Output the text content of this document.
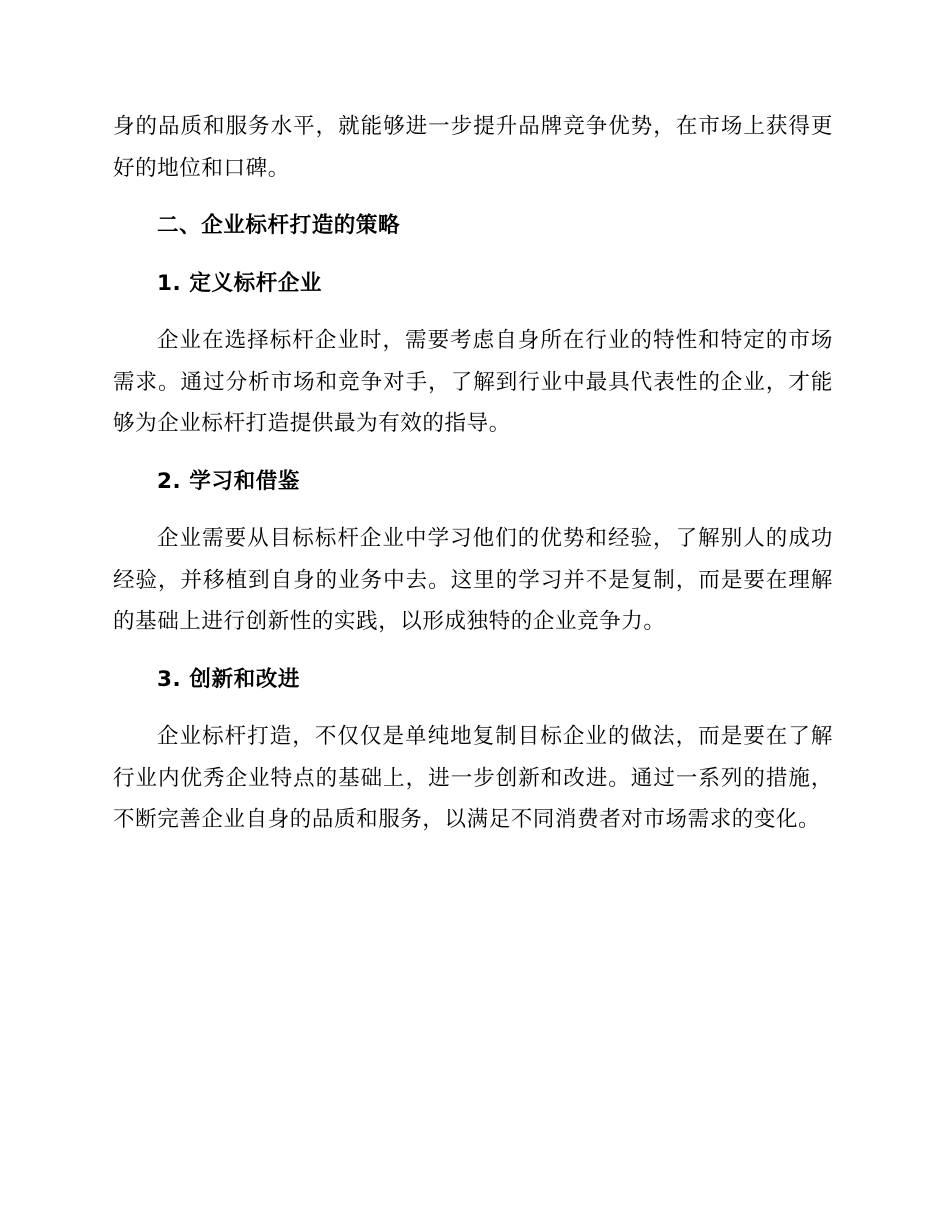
身的品质和服务水平，就能够进一步提升品牌竞争优势，在市场上获得更好的地位和口碑。

二、企业标杆打造的策略

1. 定义标杆企业

企业在选择标杆企业时，需要考虑自身所在行业的特性和特定的市场需求。通过分析市场和竞争对手，了解到行业中最具代表性的企业，才能够为企业标杆打造提供最为有效的指导。

2. 学习和借鉴

企业需要从目标标杆企业中学习他们的优势和经验，了解别人的成功经验，并移植到自身的业务中去。这里的学习并不是复制，而是要在理解的基础上进行创新性的实践，以形成独特的企业竞争力。

3. 创新和改进

企业标杆打造，不仅仅是单纯地复制目标企业的做法，而是要在了解行业内优秀企业特点的基础上，进一步创新和改进。通过一系列的措施，不断完善企业自身的品质和服务，以满足不同消费者对市场需求的变化。
